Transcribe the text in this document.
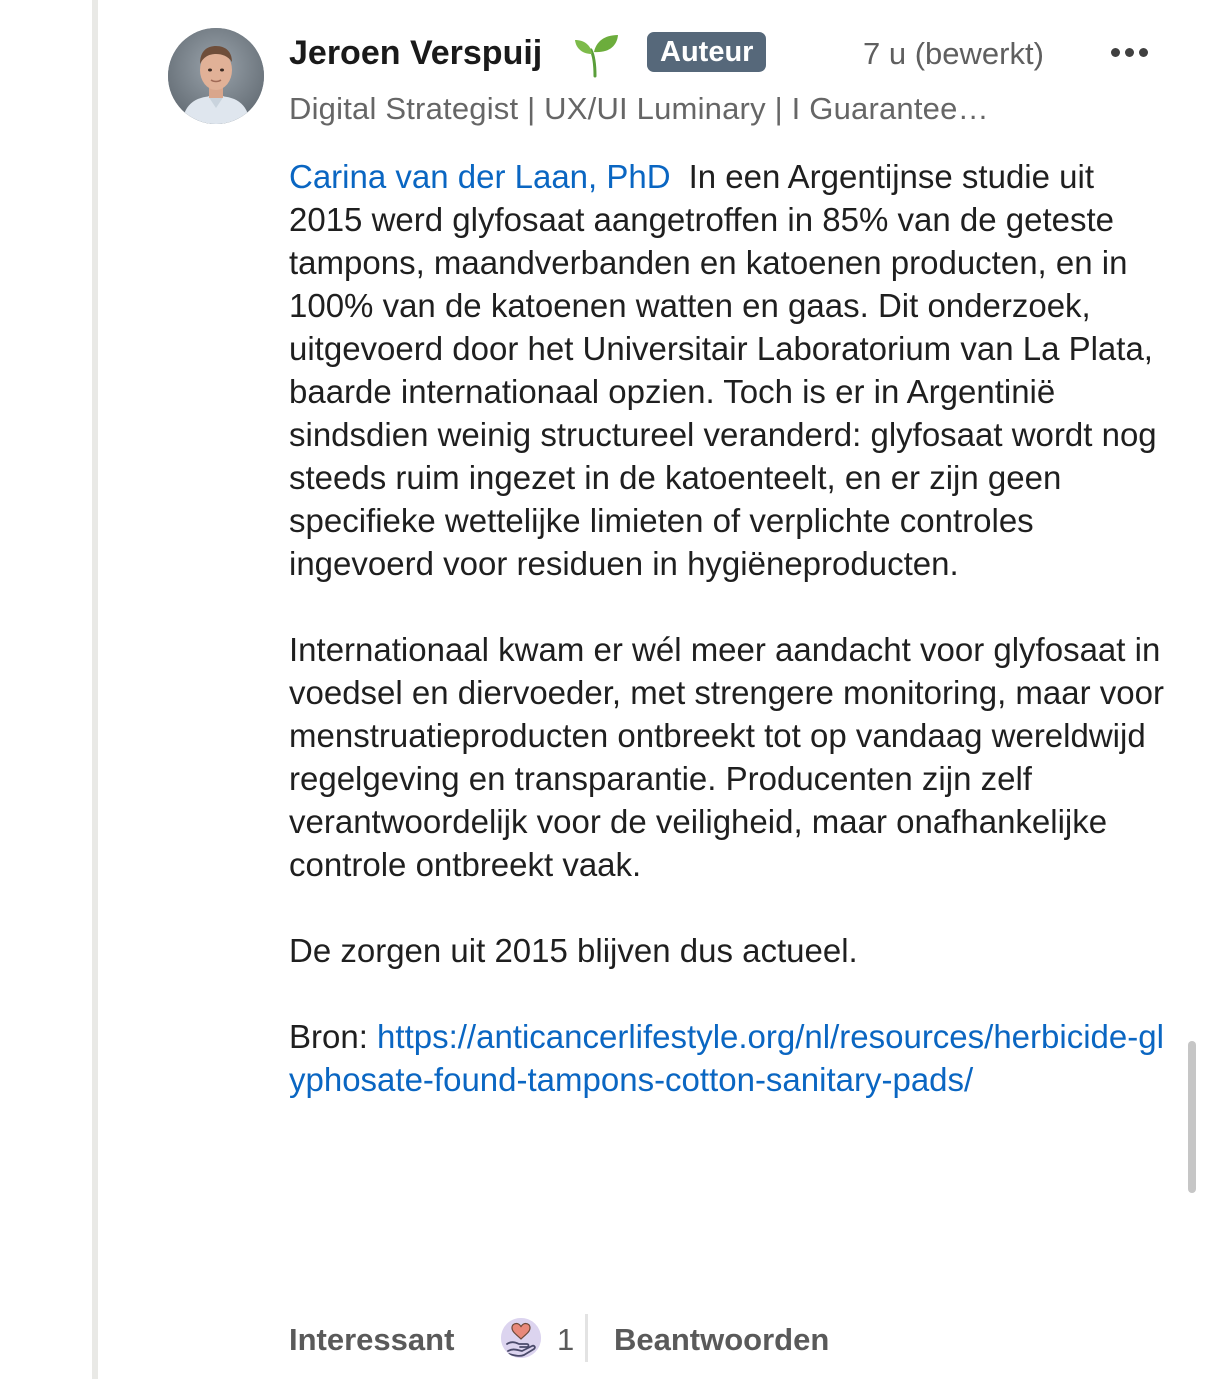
Jeroen Verspuij	Auteur	7 u (bewerkt)
Digital Strategist | UX/UI Luminary | I Guarantee…

Carina van der Laan, PhD In een Argentijnse studie uit 2015 werd glyfosaat aangetroffen in 85% van de geteste tampons, maandverbanden en katoenen producten, en in 100% van de katoenen watten en gaas. Dit onderzoek, uitgevoerd door het Universitair Laboratorium van La Plata, baarde internationaal opzien. Toch is er in Argentinië sindsdien weinig structureel veranderd: glyfosaat wordt nog steeds ruim ingezet in de katoenteelt, en er zijn geen specifieke wettelijke limieten of verplichte controles ingevoerd voor residuen in hygiëneproducten.

Internationaal kwam er wél meer aandacht voor glyfosaat in voedsel en diervoeder, met strengere monitoring, maar voor menstruatieproducten ontbreekt tot op vandaag wereldwijd regelgeving en transparantie. Producenten zijn zelf verantwoordelijk voor de veiligheid, maar onafhankelijke controle ontbreekt vaak.

De zorgen uit 2015 blijven dus actueel.

Bron: https://anticancerlifestyle.org/nl/resources/herbicide-glyphosate-found-tampons-cotton-sanitary-pads/

Interessant	1 Beantwoorden
